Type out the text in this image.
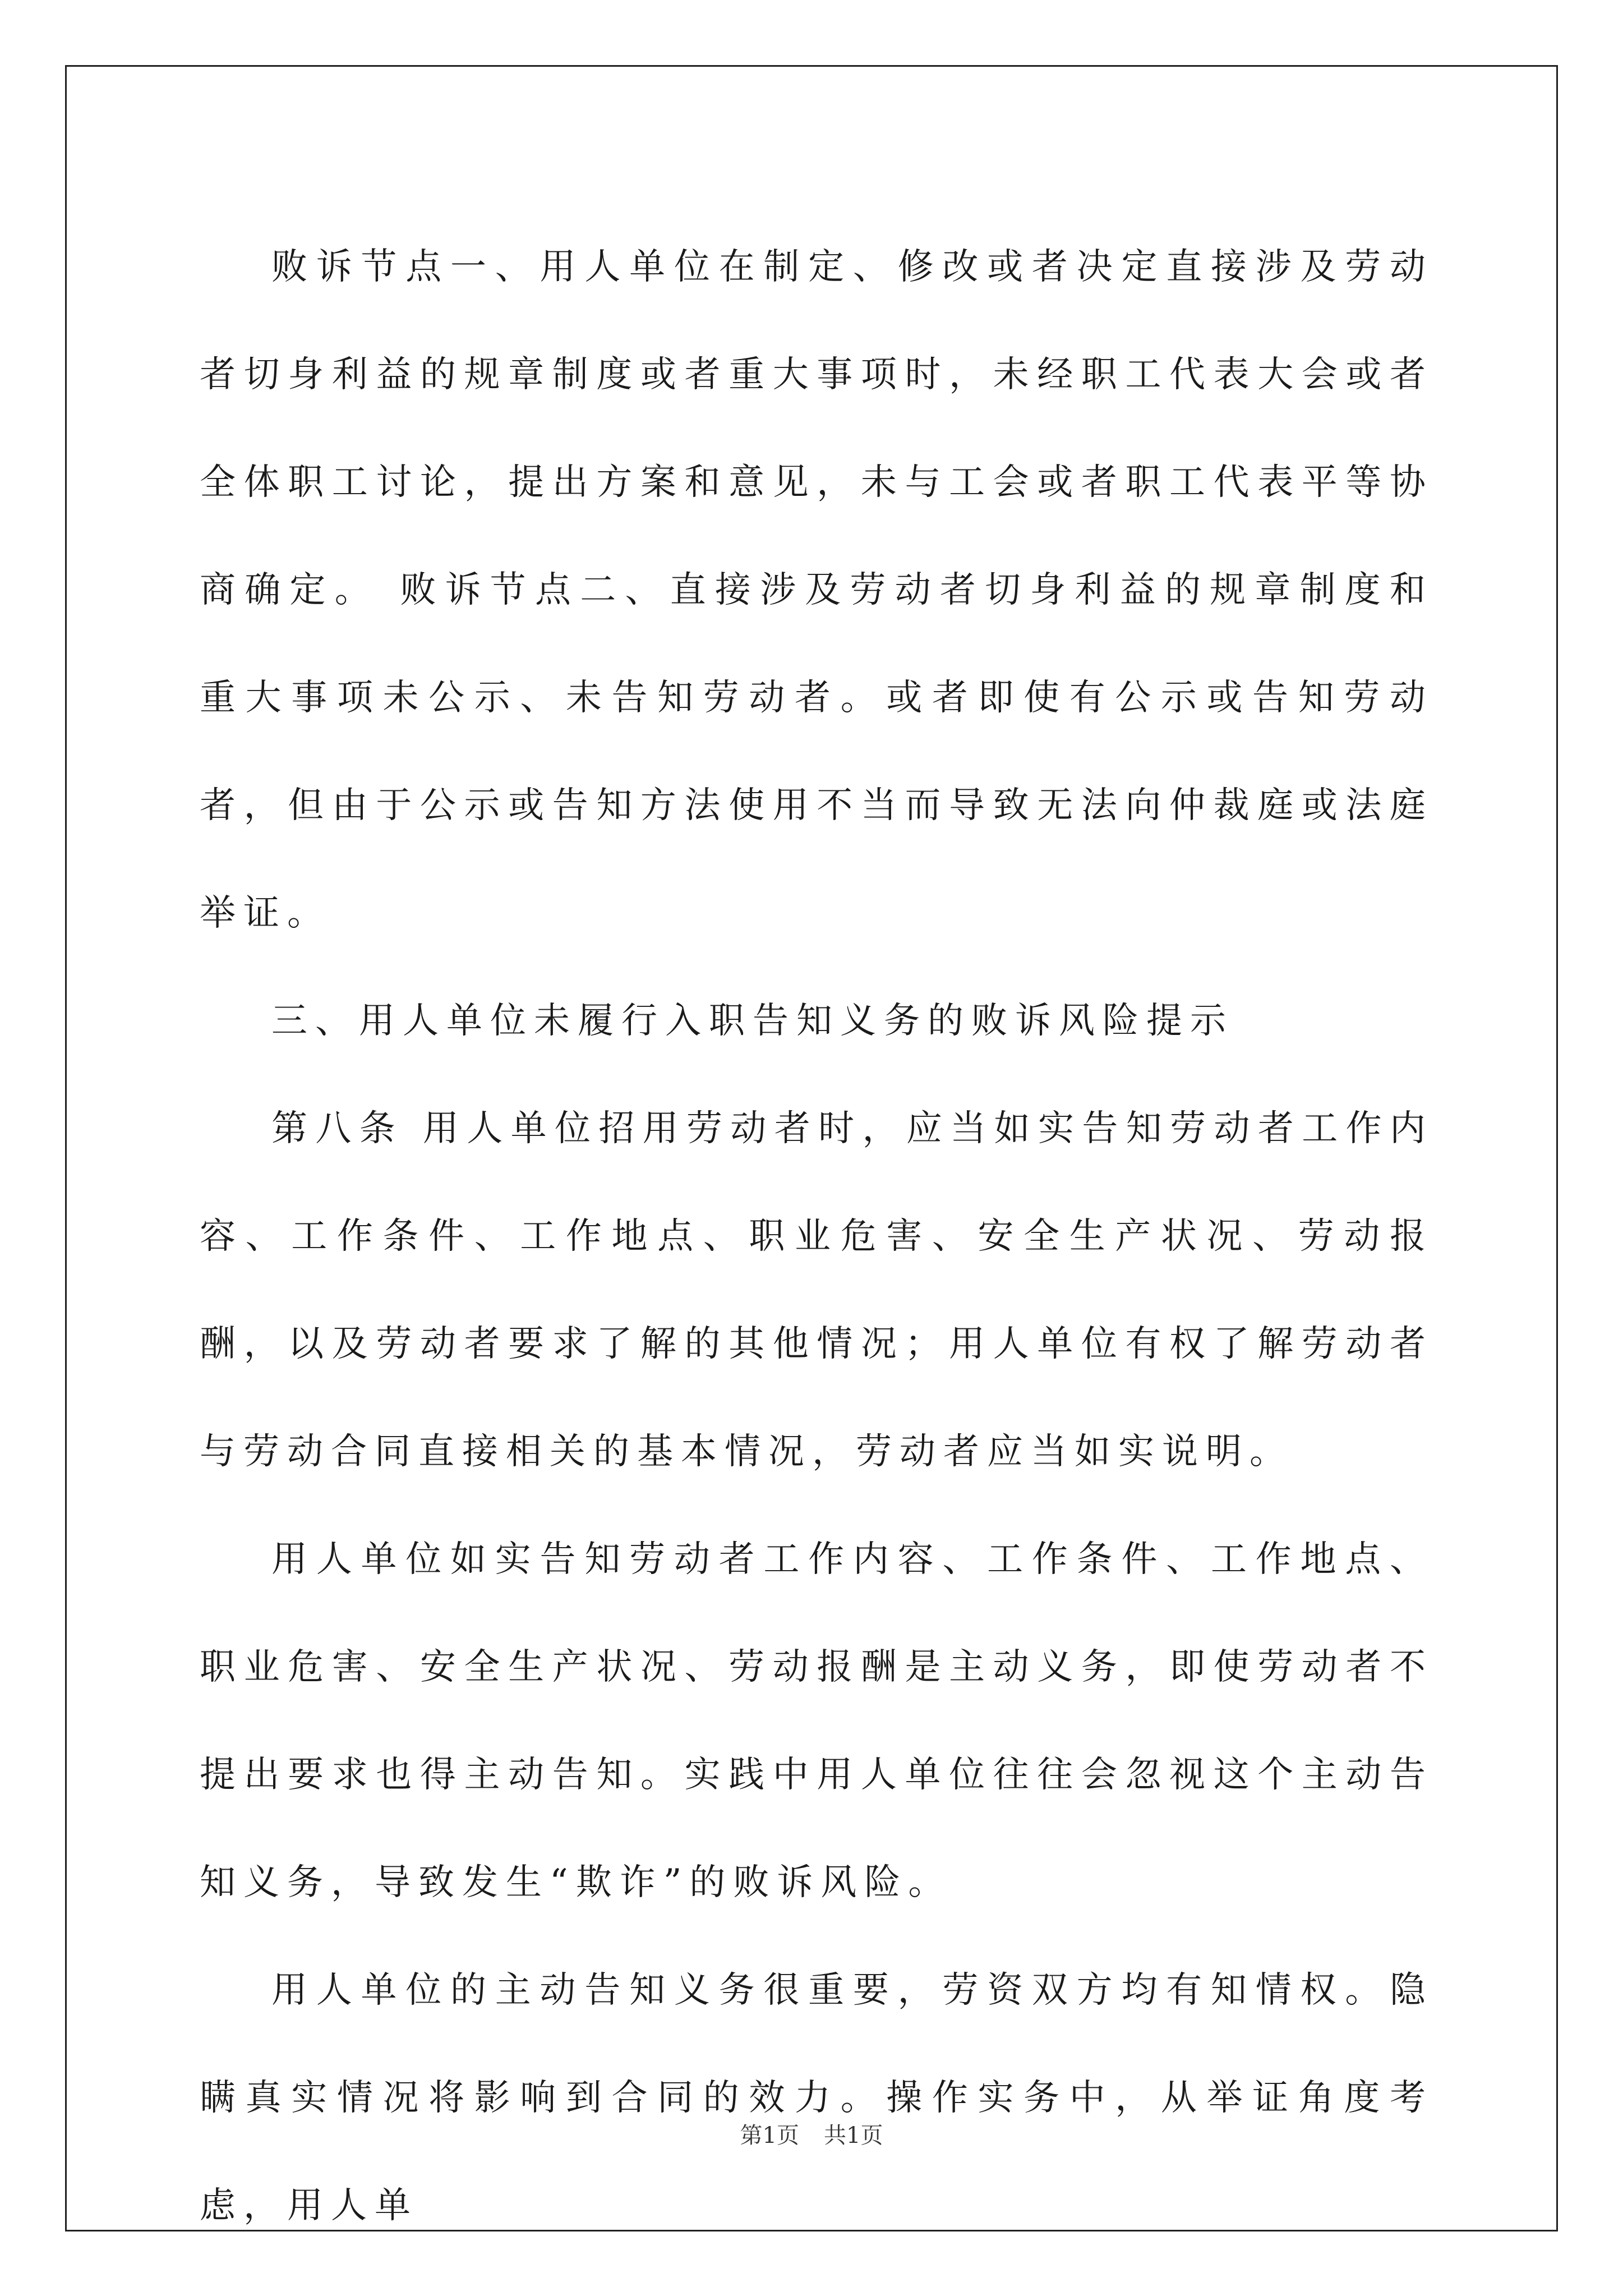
败诉节点一、用人单位在制定、修改或者决定直接涉及劳动者切身利益的规章制度或者重大事项时，未经职工代表大会或者全体职工讨论，提出方案和意见，未与工会或者职工代表平等协商确定。 败诉节点二、直接涉及劳动者切身利益的规章制度和重大事项未公示、未告知劳动者。或者即使有公示或告知劳动者，但由于公示或告知方法使用不当而导致无法向仲裁庭或法庭举证。

三、用人单位未履行入职告知义务的败诉风险提示

第八条 用人单位招用劳动者时，应当如实告知劳动者工作内容、工作条件、工作地点、职业危害、安全生产状况、劳动报酬，以及劳动者要求了解的其他情况；用人单位有权了解劳动者与劳动合同直接相关的基本情况，劳动者应当如实说明。

用人单位如实告知劳动者工作内容、工作条件、工作地点、职业危害、安全生产状况、劳动报酬是主动义务，即使劳动者不提出要求也得主动告知。实践中用人单位往往会忽视这个主动告知义务，导致发生“欺诈”的败诉风险。

用人单位的主动告知义务很重要，劳资双方均有知情权。隐瞒真实情况将影响到合同的效力。操作实务中，从举证角度考虑，用人单

第1页 共1页
